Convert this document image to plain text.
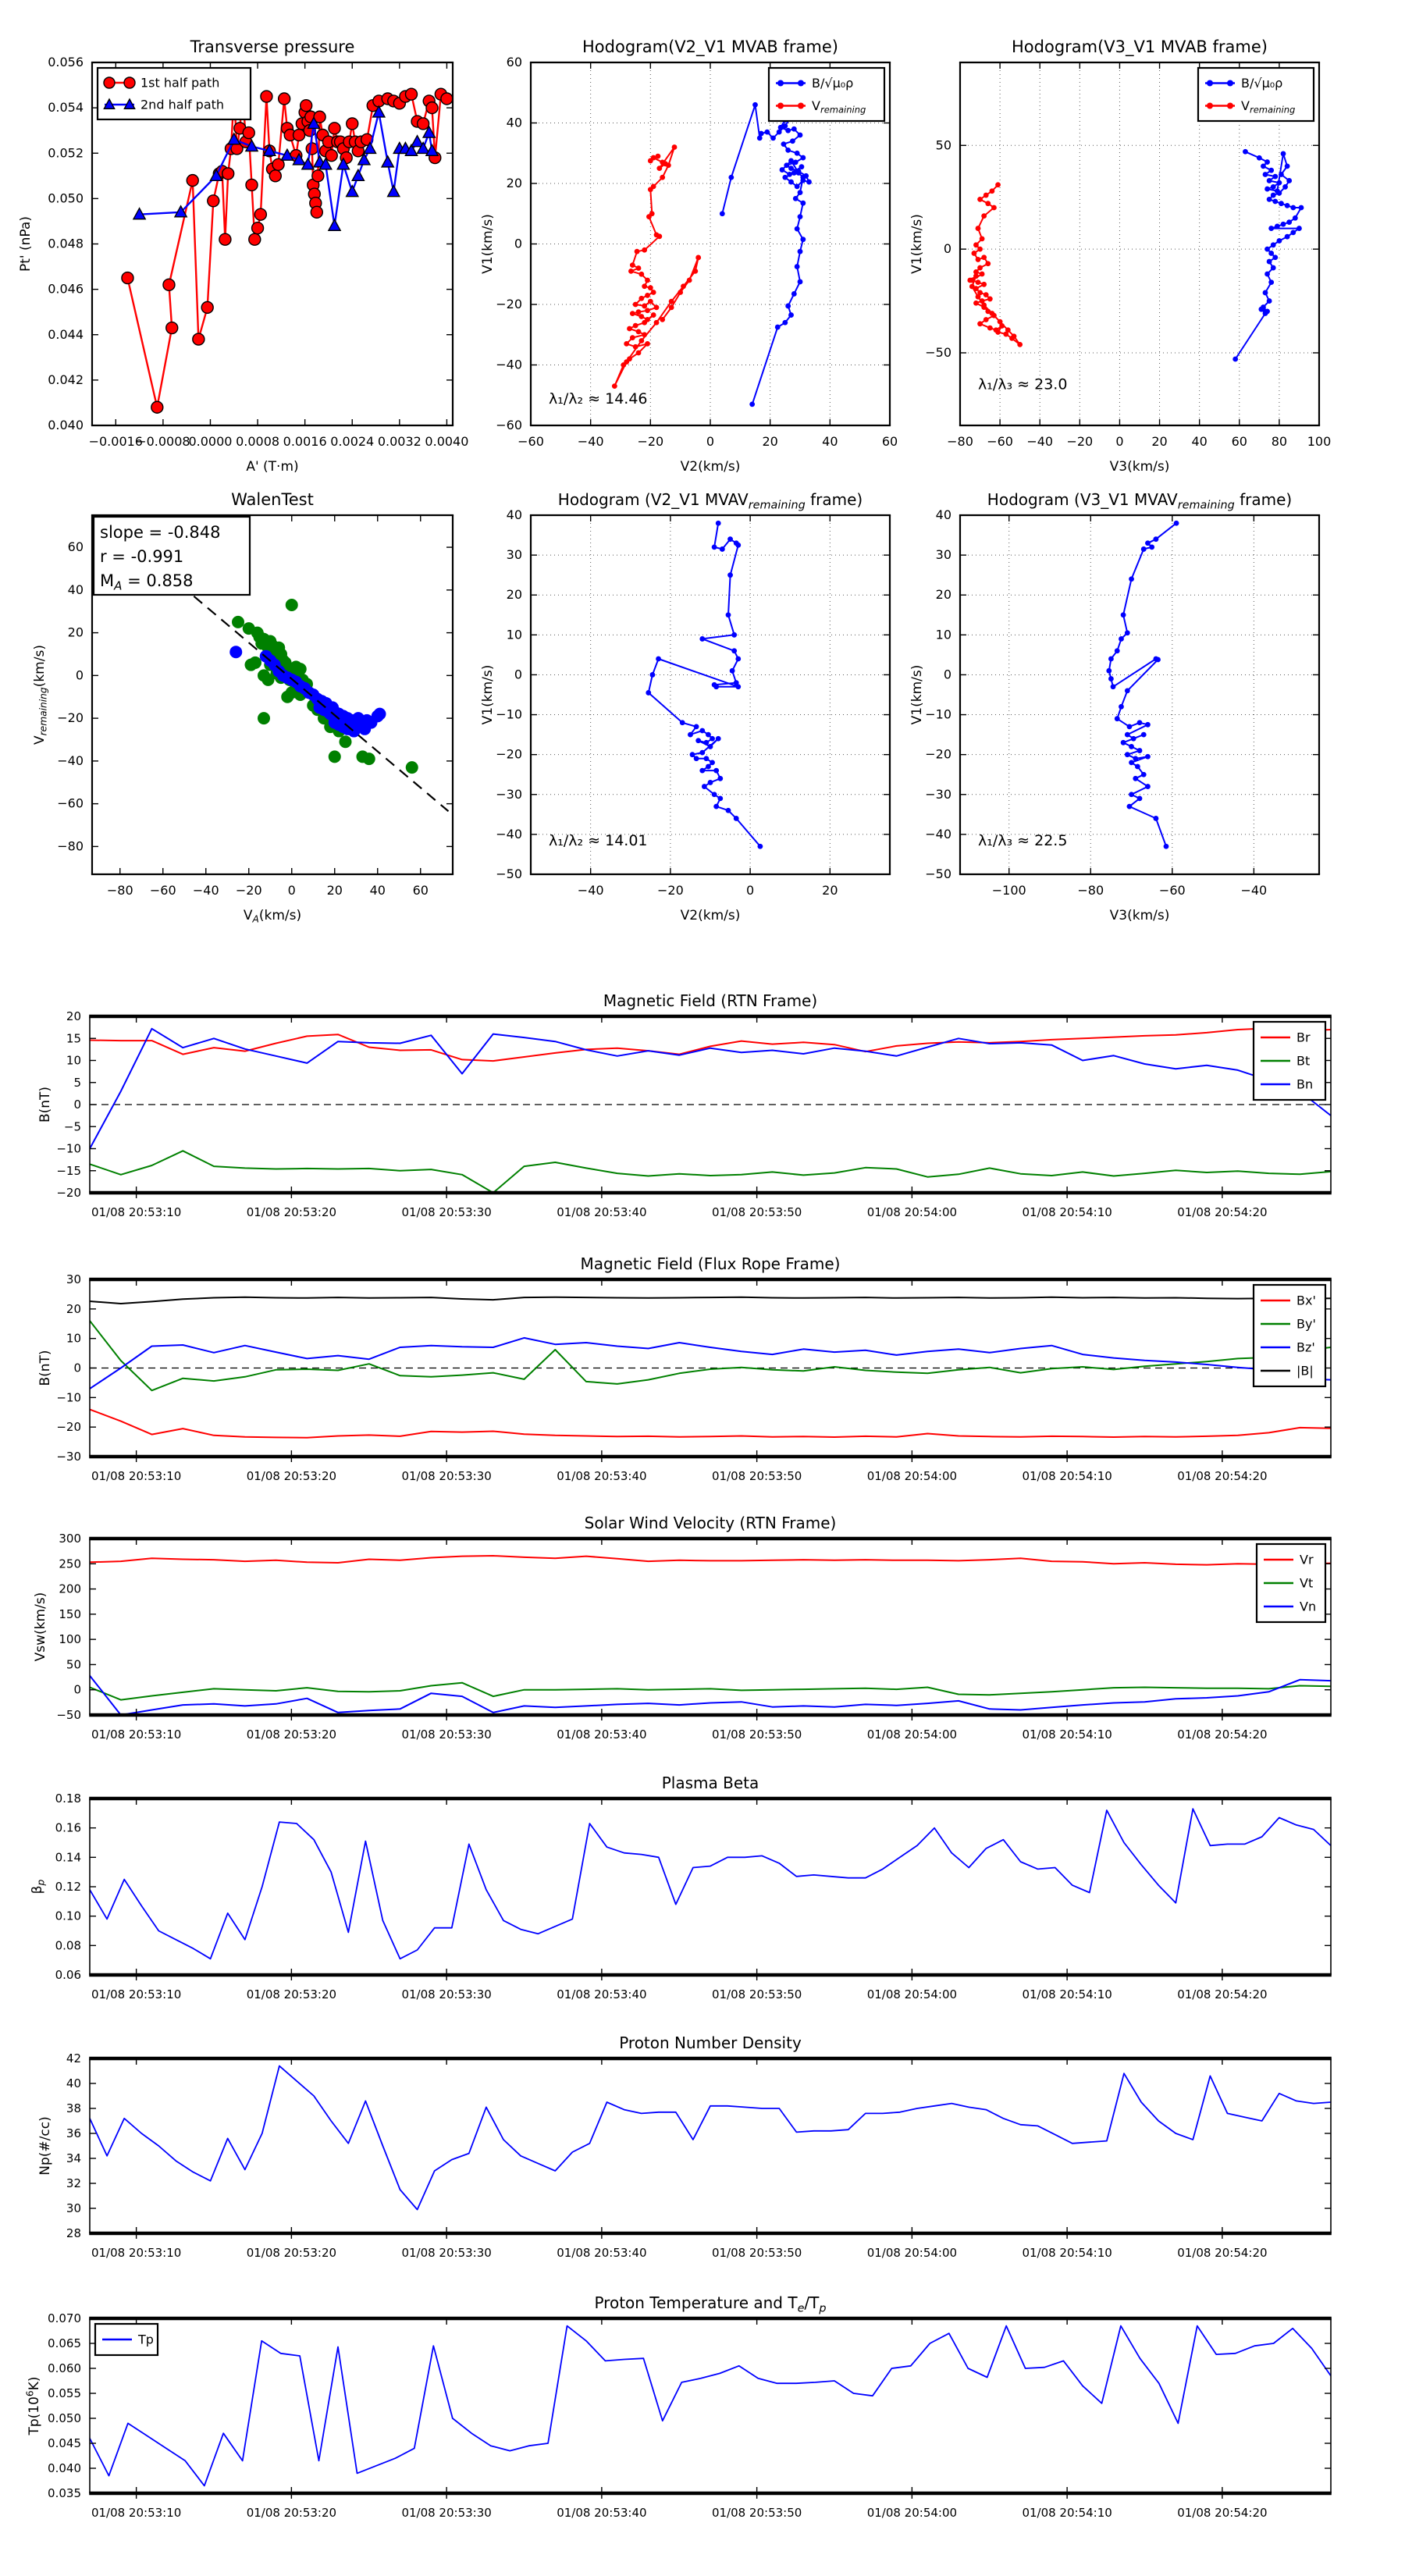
−0.0016
−0.0008
0.0000 0.0008 0.0016 0.0024 0.0032 0.0040
0.040
0.042
0.044
0.046
0.048
0.050
0.052
0.054
0.056
A' (T·m)
Pt' (nPa)
Transverse pressure
1st half path
2nd half path
−60	−40	−20	0	20	40	60
−60
−40
−20
0
20
40
60
V2(km/s)
V1(km/s)
Hodogram(V2_V1 MVAB frame)
λ₁/λ₂ ≈ 14.46
B/√μ₀ρ
$V_{remaining}$
−80 −60 −40 −20 0 20 40 60 80 100
−50
0
50
V3(km/s)
V1(km/s)
Hodogram(V3_V1 MVAB frame)
λ₁/λ₃ ≈ 23.0
B/√μ₀ρ
$V_{remaining}$
−80 −60 −40 −20 0 20 40 60
−80
−60
−40
−20
0
20
40
60
$V_A(km/s)$
$V_{remaining}(km/s)$
WalenTest
slope = -0.848
r = -0.991
$M_A = 0.858$
−40	−20	0	20
−50
−40
−30
−20
−10
0
10
20
30
40
V2(km/s)
V1(km/s)
Hodogram (V2_V1 $MVAV_{remaining}$ frame)
λ₁/λ₂ ≈ 14.01
−100	−80	−60	−40
−50
−40
−30
−20
−10
0
10
20
30
40
V3(km/s)
V1(km/s)
Hodogram (V3_V1 $MVAV_{remaining}$ frame)
λ₁/λ₃ ≈ 22.5
01/08 20:53:10	01/08 20:53:20	01/08 20:53:30	01/08 20:53:40	01/08 20:53:50	01/08 20:54:00	01/08 20:54:10	01/08 20:54:20
−20
−15
−10
−5
0
5
10
15
20
B(nT)
Magnetic Field (RTN Frame)
Br
Bt
Bn
01/08 20:53:10	01/08 20:53:20	01/08 20:53:30	01/08 20:53:40	01/08 20:53:50	01/08 20:54:00	01/08 20:54:10	01/08 20:54:20
−30
−20
−10
0
10
20
30
B(nT)
Magnetic Field (Flux Rope Frame)
Bx'
By'
Bz'
|B|
01/08 20:53:10	01/08 20:53:20	01/08 20:53:30	01/08 20:53:40	01/08 20:53:50	01/08 20:54:00	01/08 20:54:10	01/08 20:54:20
−50
0
50
100
150
200
250
300
Vsw(km/s)
Solar Wind Velocity (RTN Frame)
Vr
Vt
Vn
01/08 20:53:10	01/08 20:53:20	01/08 20:53:30	01/08 20:53:40	01/08 20:53:50	01/08 20:54:00	01/08 20:54:10	01/08 20:54:20
0.06
0.08
0.10
0.12
0.14
0.16
0.18
$\beta_p$
Plasma Beta
01/08 20:53:10	01/08 20:53:20	01/08 20:53:30	01/08 20:53:40	01/08 20:53:50	01/08 20:54:00	01/08 20:54:10	01/08 20:54:20
28
30
32
34
36
38
40
42
Np(#/cc)
Proton Number Density
01/08 20:53:10	01/08 20:53:20	01/08 20:53:30	01/08 20:53:40	01/08 20:53:50	01/08 20:54:00	01/08 20:54:10	01/08 20:54:20
0.035
0.040
0.045
0.050
0.055
0.060
0.065
0.070
$Tp(10^6K)$
Proton Temperature and $T_e/T_p$
Tp
